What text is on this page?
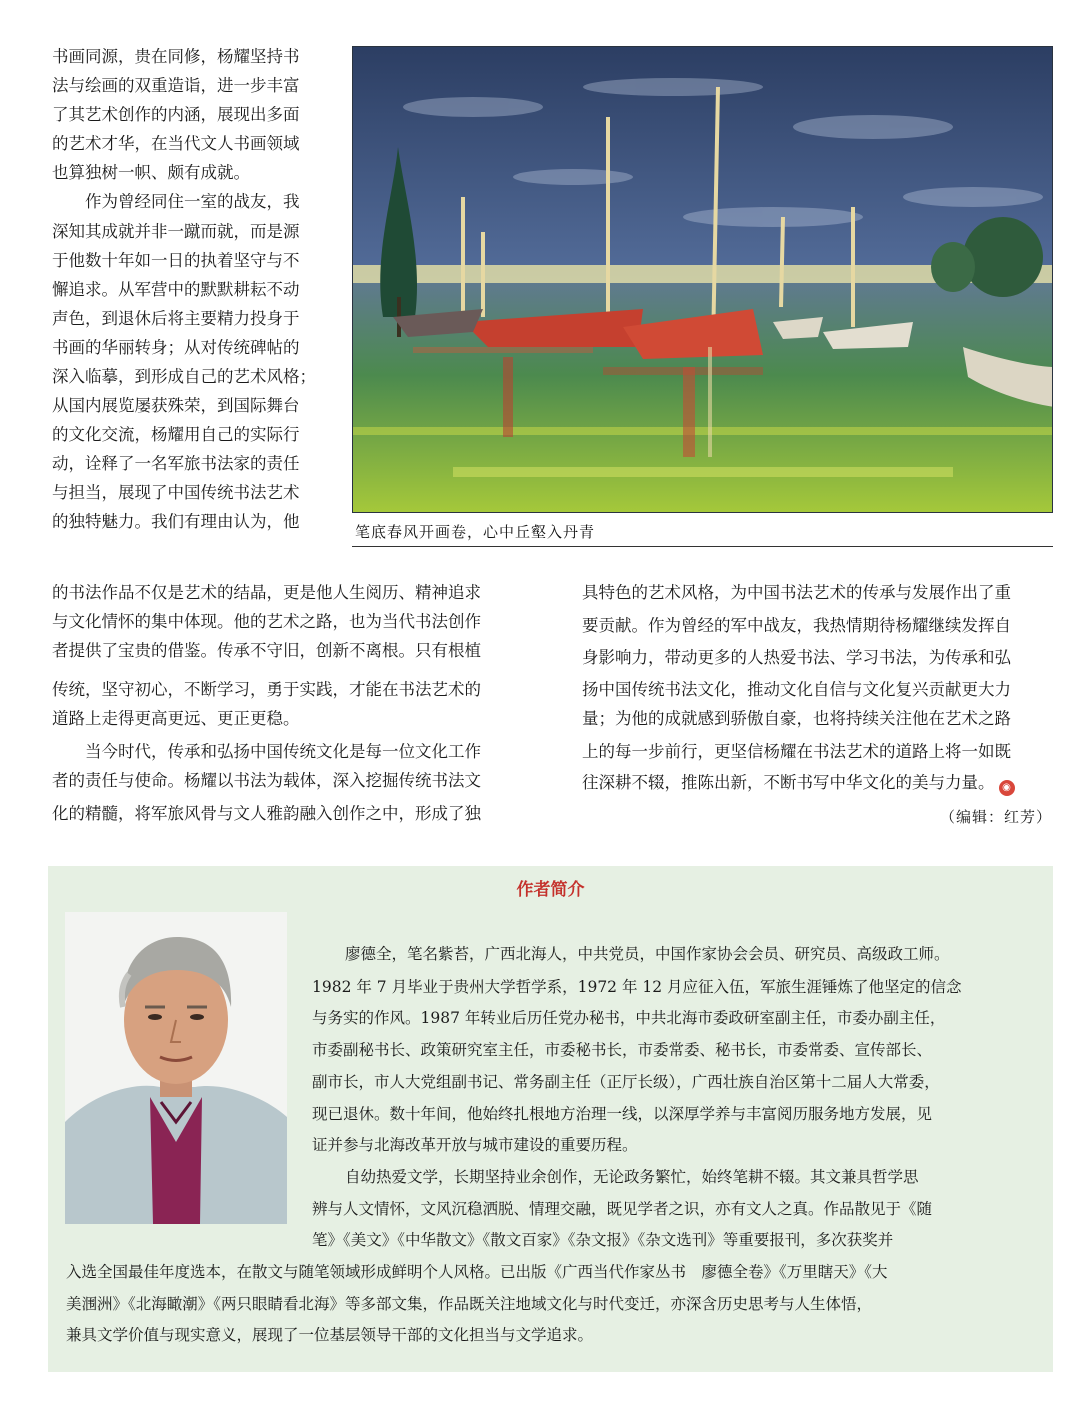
书画同源，贵在同修，杨耀坚持书
法与绘画的双重造诣，进一步丰富
了其艺术创作的内涵，展现出多面
的艺术才华，在当代文人书画领域
也算独树一帜、颇有成就。
作为曾经同住一室的战友，我
深知其成就并非一蹴而就，而是源
于他数十年如一日的执着坚守与不
懈追求。从军营中的默默耕耘不动
声色，到退休后将主要精力投身于
书画的华丽转身；从对传统碑帖的
深入临摹，到形成自己的艺术风格；
从国内展览屡获殊荣，到国际舞台
的文化交流，杨耀用自己的实际行
动，诠释了一名军旅书法家的责任
与担当，展现了中国传统书法艺术
的独特魅力。我们有理由认为，他
笔底春风开画卷，心中丘壑入丹青
的书法作品不仅是艺术的结晶，更是他人生阅历、精神追求
与文化情怀的集中体现。他的艺术之路，也为当代书法创作
者提供了宝贵的借鉴。传承不守旧，创新不离根。只有根植
传统，坚守初心，不断学习，勇于实践，才能在书法艺术的
道路上走得更高更远、更正更稳。
当今时代，传承和弘扬中国传统文化是每一位文化工作
者的责任与使命。杨耀以书法为载体，深入挖掘传统书法文
化的精髓，将军旅风骨与文人雅韵融入创作之中，形成了独
具特色的艺术风格，为中国书法艺术的传承与发展作出了重
要贡献。作为曾经的军中战友，我热情期待杨耀继续发挥自
身影响力，带动更多的人热爱书法、学习书法，为传承和弘
扬中国传统书法文化，推动文化自信与文化复兴贡献更大力
量；为他的成就感到骄傲自豪，也将持续关注他在艺术之路
上的每一步前行，更坚信杨耀在书法艺术的道路上将一如既
往深耕不辍，推陈出新，不断书写中华文化的美与力量。 ◉
（编辑：红芳）
作者简介
廖德全，笔名紫苔，广西北海人，中共党员，中国作家协会会员、研究员、高级政工师。
1982 年 7 月毕业于贵州大学哲学系，1972 年 12 月应征入伍，军旅生涯锤炼了他坚定的信念
与务实的作风。1987 年转业后历任党办秘书，中共北海市委政研室副主任，市委办副主任，
市委副秘书长、政策研究室主任，市委秘书长，市委常委、秘书长，市委常委、宣传部长、
副市长，市人大党组副书记、常务副主任（正厅长级），广西壮族自治区第十二届人大常委，
现已退休。数十年间，他始终扎根地方治理一线，以深厚学养与丰富阅历服务地方发展，见
证并参与北海改革开放与城市建设的重要历程。
自幼热爱文学，长期坚持业余创作，无论政务繁忙，始终笔耕不辍。其文兼具哲学思
辨与人文情怀，文风沉稳洒脱、情理交融，既见学者之识，亦有文人之真。作品散见于《随
笔》《美文》《中华散文》《散文百家》《杂文报》《杂文选刊》等重要报刊，多次获奖并
入选全国最佳年度选本，在散文与随笔领域形成鲜明个人风格。已出版《广西当代作家丛书　廖德全卷》《万里瞎天》《大
美涠洲》《北海瞰潮》《两只眼睛看北海》等多部文集，作品既关注地域文化与时代变迁，亦深含历史思考与人生体悟，
兼具文学价值与现实意义，展现了一位基层领导干部的文化担当与文学追求。
